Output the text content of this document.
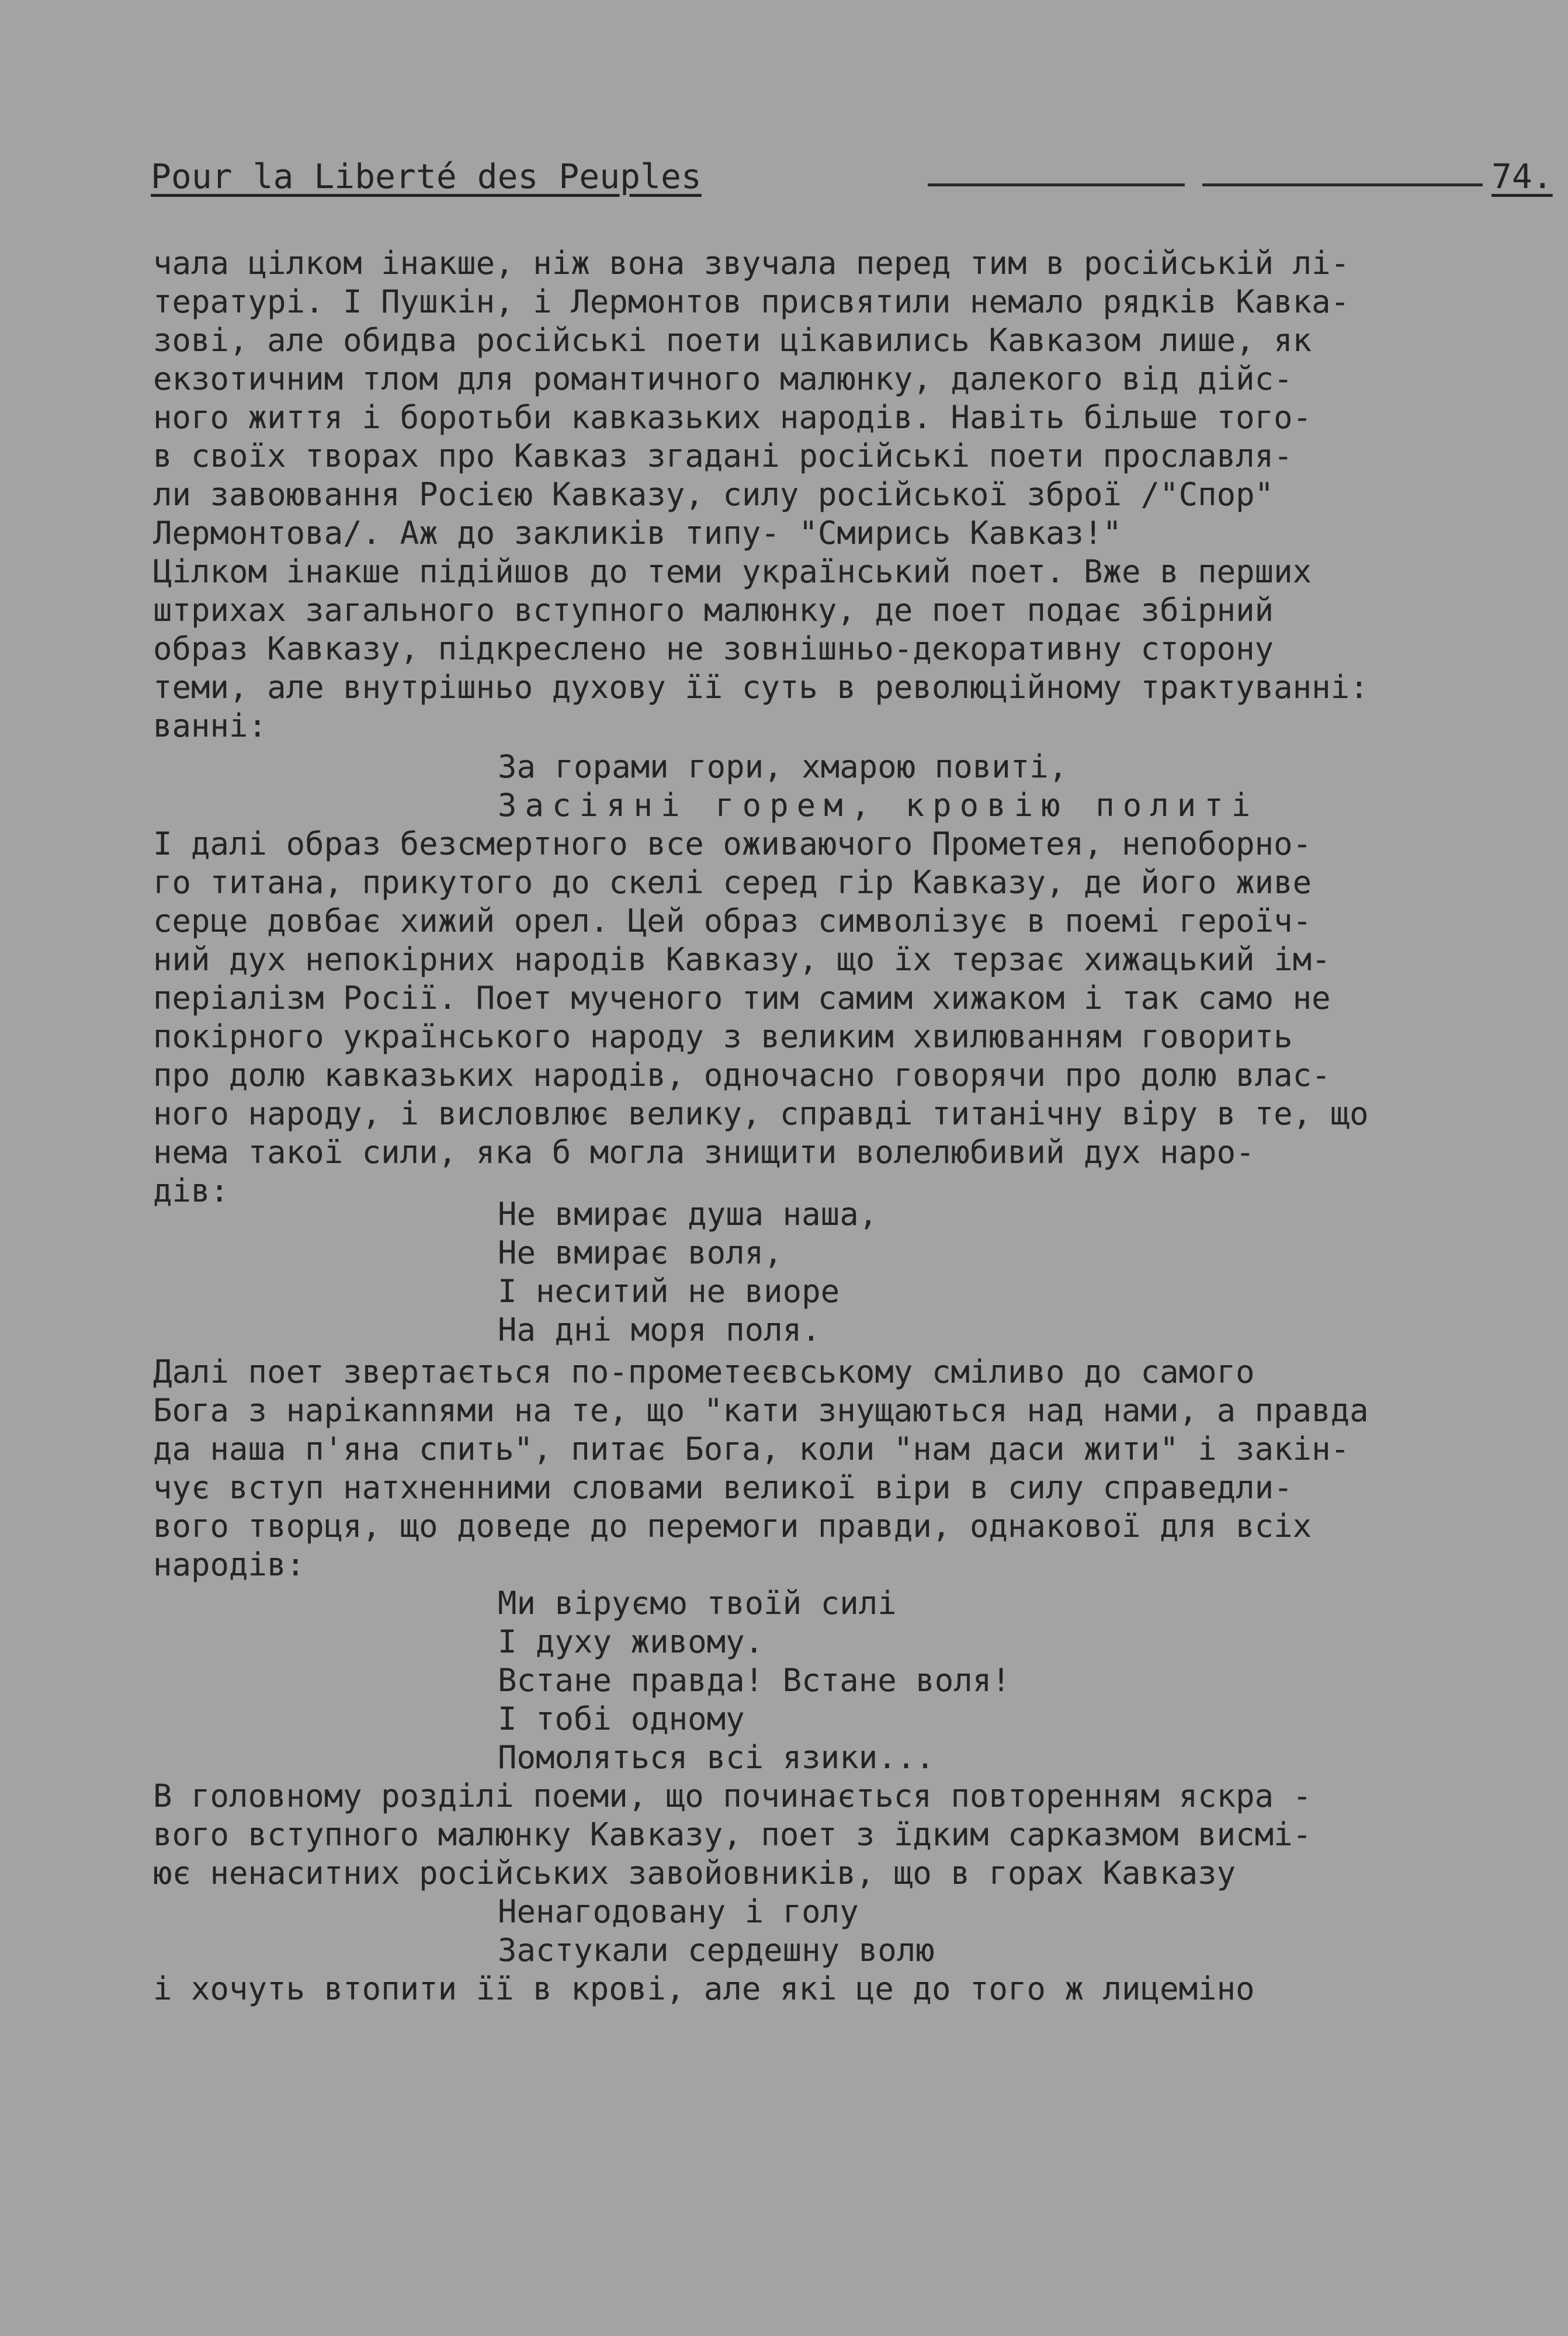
Pour la Liberté des Peuples	74.
чала цілком інакше, ніж вона звучала перед тим в російській лі-
тературі. І Пушкін, і Лермонтов присвятили немало рядків Кавка-
зові, але обидва російські поети цікавились Кавказом лише, як
екзотичним тлом для романтичного малюнку, далекого від дійс-
ного життя і боротьби кавказьких народів. Навіть більше того-
в своїх творах про Кавказ згадані російські поети прославля-
ли завоювання Росією Кавказу, силу російської зброї /"Спор"
Лермонтова/. Аж до закликів типу- "Смирись Кавказ!"
Цілком інакше підійшов до теми український поет. Вже в перших
штрихах загального вступного малюнку, де поет подає збірний
образ Кавказу, підкреслено не зовнішньо-декоративну сторону
теми, але внутрішньо духову її суть в революційному трактуванні:
ванні:
За горами гори, хмарою повиті,
Засіяні горем, кровію политі
І далі образ безсмертного все оживаючого Прометея, непоборно-
го титана, прикутого до скелі серед гір Кавказу, де його живе
серце довбає хижий орел. Цей образ символізує в поемі героїч-
ний дух непокірних народів Кавказу, що їх терзає хижацький ім-
періалізм Росії. Поет мученого тим самим хижаком і так само не
покірного українського народу з великим хвилюванням говорить
про долю кавказьких народів, одночасно говорячи про долю влас-
ного народу, і висловлює велику, справді титанічну віру в те, що
нема такої сили, яка б могла знищити волелюбивий дух наро-
дів:
Не вмирає душа наша,
Не вмирає воля,
І неситий не виоре
На дні моря поля.
Далі поет звертається по-прометеєвському сміливо до самого
Бога з нарікannями на те, що "кати знущаються над нами, а правда
да наша п'яна спить", питає Бога, коли "нам даси жити" і закін-
чує вступ натхненними словами великої віри в силу справедли-
вого творця, що доведе до перемоги правди, однакової для всіх
народів:
Ми віруємо твоїй силі
І духу живому.
Встане правда! Встане воля!
І тобі одному
Помоляться всі язики...
В головному розділі поеми, що починається повторенням яскра -
вого вступного малюнку Кавказу, поет з їдким сарказмом висмі-
ює ненаситних російських завойовників, що в горах Кавказу
Ненагодовану і голу
Застукали сердешну волю
і хочуть втопити її в крові, але які це до того ж лицеміно
